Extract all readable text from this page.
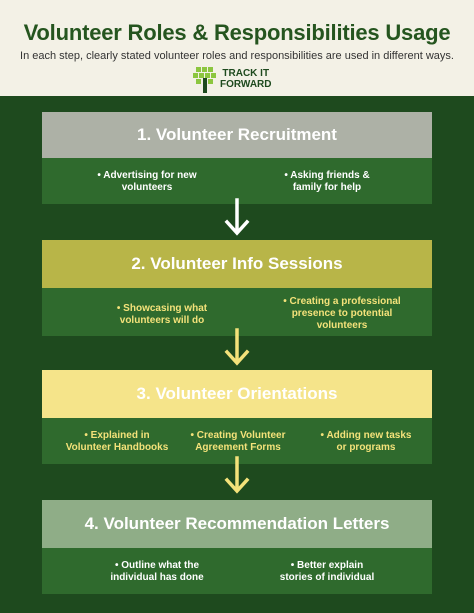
Volunteer Roles & Responsibilities Usage
In each step, clearly stated volunteer roles and responsibilities are used in different ways.
TRACK IT
FORWARD
1. Volunteer Recruitment
• Advertising for new
volunteers
• Asking friends &
family for help
2. Volunteer Info Sessions
• Showcasing what
volunteers will do
• Creating a professional
presence to potential
volunteers
3. Volunteer Orientations
• Explained in
Volunteer Handbooks
• Creating Volunteer
Agreement Forms
• Adding new tasks
or programs
4. Volunteer Recommendation Letters
• Outline what the
individual has done
• Better explain
stories of individual
